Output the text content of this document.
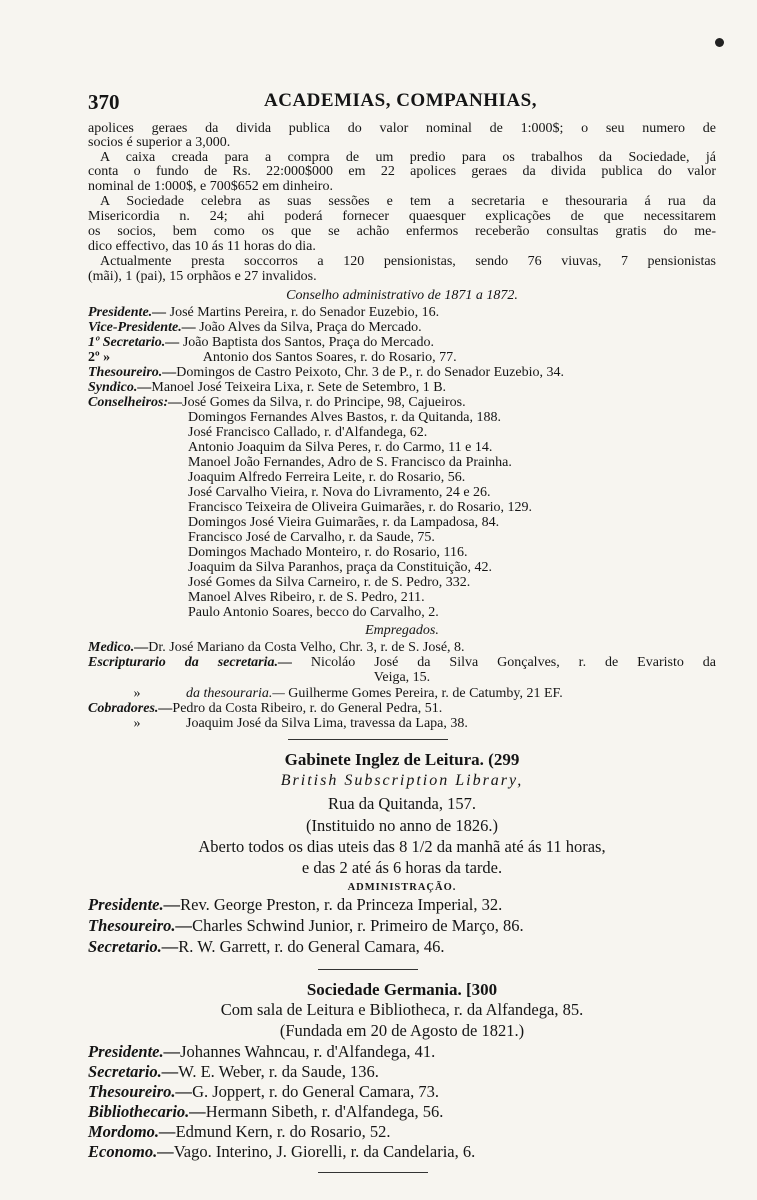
370	ACADEMIAS, COMPANHIAS,
apolices geraes da divida publica do valor nominal de 1:000$; o seu numero de
socios é superior a 3,000.
A caixa creada para a compra de um predio para os trabalhos da Sociedade, já
conta o fundo de Rs. 22:000$000 em 22 apolices geraes da divida publica do valor
nominal de 1:000$, e 700$652 em dinheiro.
A Sociedade celebra as suas sessões e tem a secretaria e thesouraria á rua da
Misericordia n. 24; ahi poderá fornecer quaesquer explicações de que necessitarem
os socios, bem como os que se achão enfermos receberão consultas gratis do me-
dico effectivo, das 10 ás 11 horas do dia.
Actualmente presta soccorros a 120 pensionistas, sendo 76 viuvas, 7 pensionistas
(mãi), 1 (pai), 15 orphãos e 27 invalidos.
Conselho administrativo de 1871 a 1872.
Presidente.— José Martins Pereira, r. do Senador Euzebio, 16.
Vice-Presidente.— João Alves da Silva, Praça do Mercado.
1º Secretario.— João Baptista dos Santos, Praça do Mercado.
2º »	Antonio dos Santos Soares, r. do Rosario, 77.
Thesoureiro.—Domingos de Castro Peixoto, Chr. 3 de P., r. do Senador Euzebio, 34.
Syndico.—Manoel José Teixeira Lixa, r. Sete de Setembro, 1 B.
Conselheiros:—José Gomes da Silva, r. do Principe, 98, Cajueiros.
Domingos Fernandes Alves Bastos, r. da Quitanda, 188.
José Francisco Callado, r. d'Alfandega, 62.
Antonio Joaquim da Silva Peres, r. do Carmo, 11 e 14.
Manoel João Fernandes, Adro de S. Francisco da Prainha.
Joaquim Alfredo Ferreira Leite, r. do Rosario, 56.
José Carvalho Vieira, r. Nova do Livramento, 24 e 26.
Francisco Teixeira de Oliveira Guimarães, r. do Rosario, 129.
Domingos José Vieira Guimarães, r. da Lampadosa, 84.
Francisco José de Carvalho, r. da Saude, 75.
Domingos Machado Monteiro, r. do Rosario, 116.
Joaquim da Silva Paranhos, praça da Constituição, 42.
José Gomes da Silva Carneiro, r. de S. Pedro, 332.
Manoel Alves Ribeiro, r. de S. Pedro, 211.
Paulo Antonio Soares, becco do Carvalho, 2.
Empregados.
Medico.—Dr. José Mariano da Costa Velho, Chr. 3, r. de S. José, 8.
Escripturario da secretaria.— Nicoláo José da Silva Gonçalves, r. de Evaristo da
Veiga, 15.
»	da thesouraria.— Guilherme Gomes Pereira, r. de Catumby, 21 EF.
Cobradores.—Pedro da Costa Ribeiro, r. do General Pedra, 51.
»	Joaquim José da Silva Lima, travessa da Lapa, 38.
Gabinete Inglez de Leitura. (299
British Subscription Library,
Rua da Quitanda, 157.
(Instituido no anno de 1826.)
Aberto todos os dias uteis das 8 1/2 da manhã até ás 11 horas,
e das 2 até ás 6 horas da tarde.
ADMINISTRAÇÃO.
Presidente.—Rev. George Preston, r. da Princeza Imperial, 32.
Thesoureiro.—Charles Schwind Junior, r. Primeiro de Março, 86.
Secretario.—R. W. Garrett, r. do General Camara, 46.
Sociedade Germania. [300
Com sala de Leitura e Bibliotheca, r. da Alfandega, 85.
(Fundada em 20 de Agosto de 1821.)
Presidente.—Johannes Wahncau, r. d'Alfandega, 41.
Secretario.—W. E. Weber, r. da Saude, 136.
Thesoureiro.—G. Joppert, r. do General Camara, 73.
Bibliothecario.—Hermann Sibeth, r. d'Alfandega, 56.
Mordomo.—Edmund Kern, r. do Rosario, 52.
Economo.—Vago. Interino, J. Giorelli, r. da Candelaria, 6.
